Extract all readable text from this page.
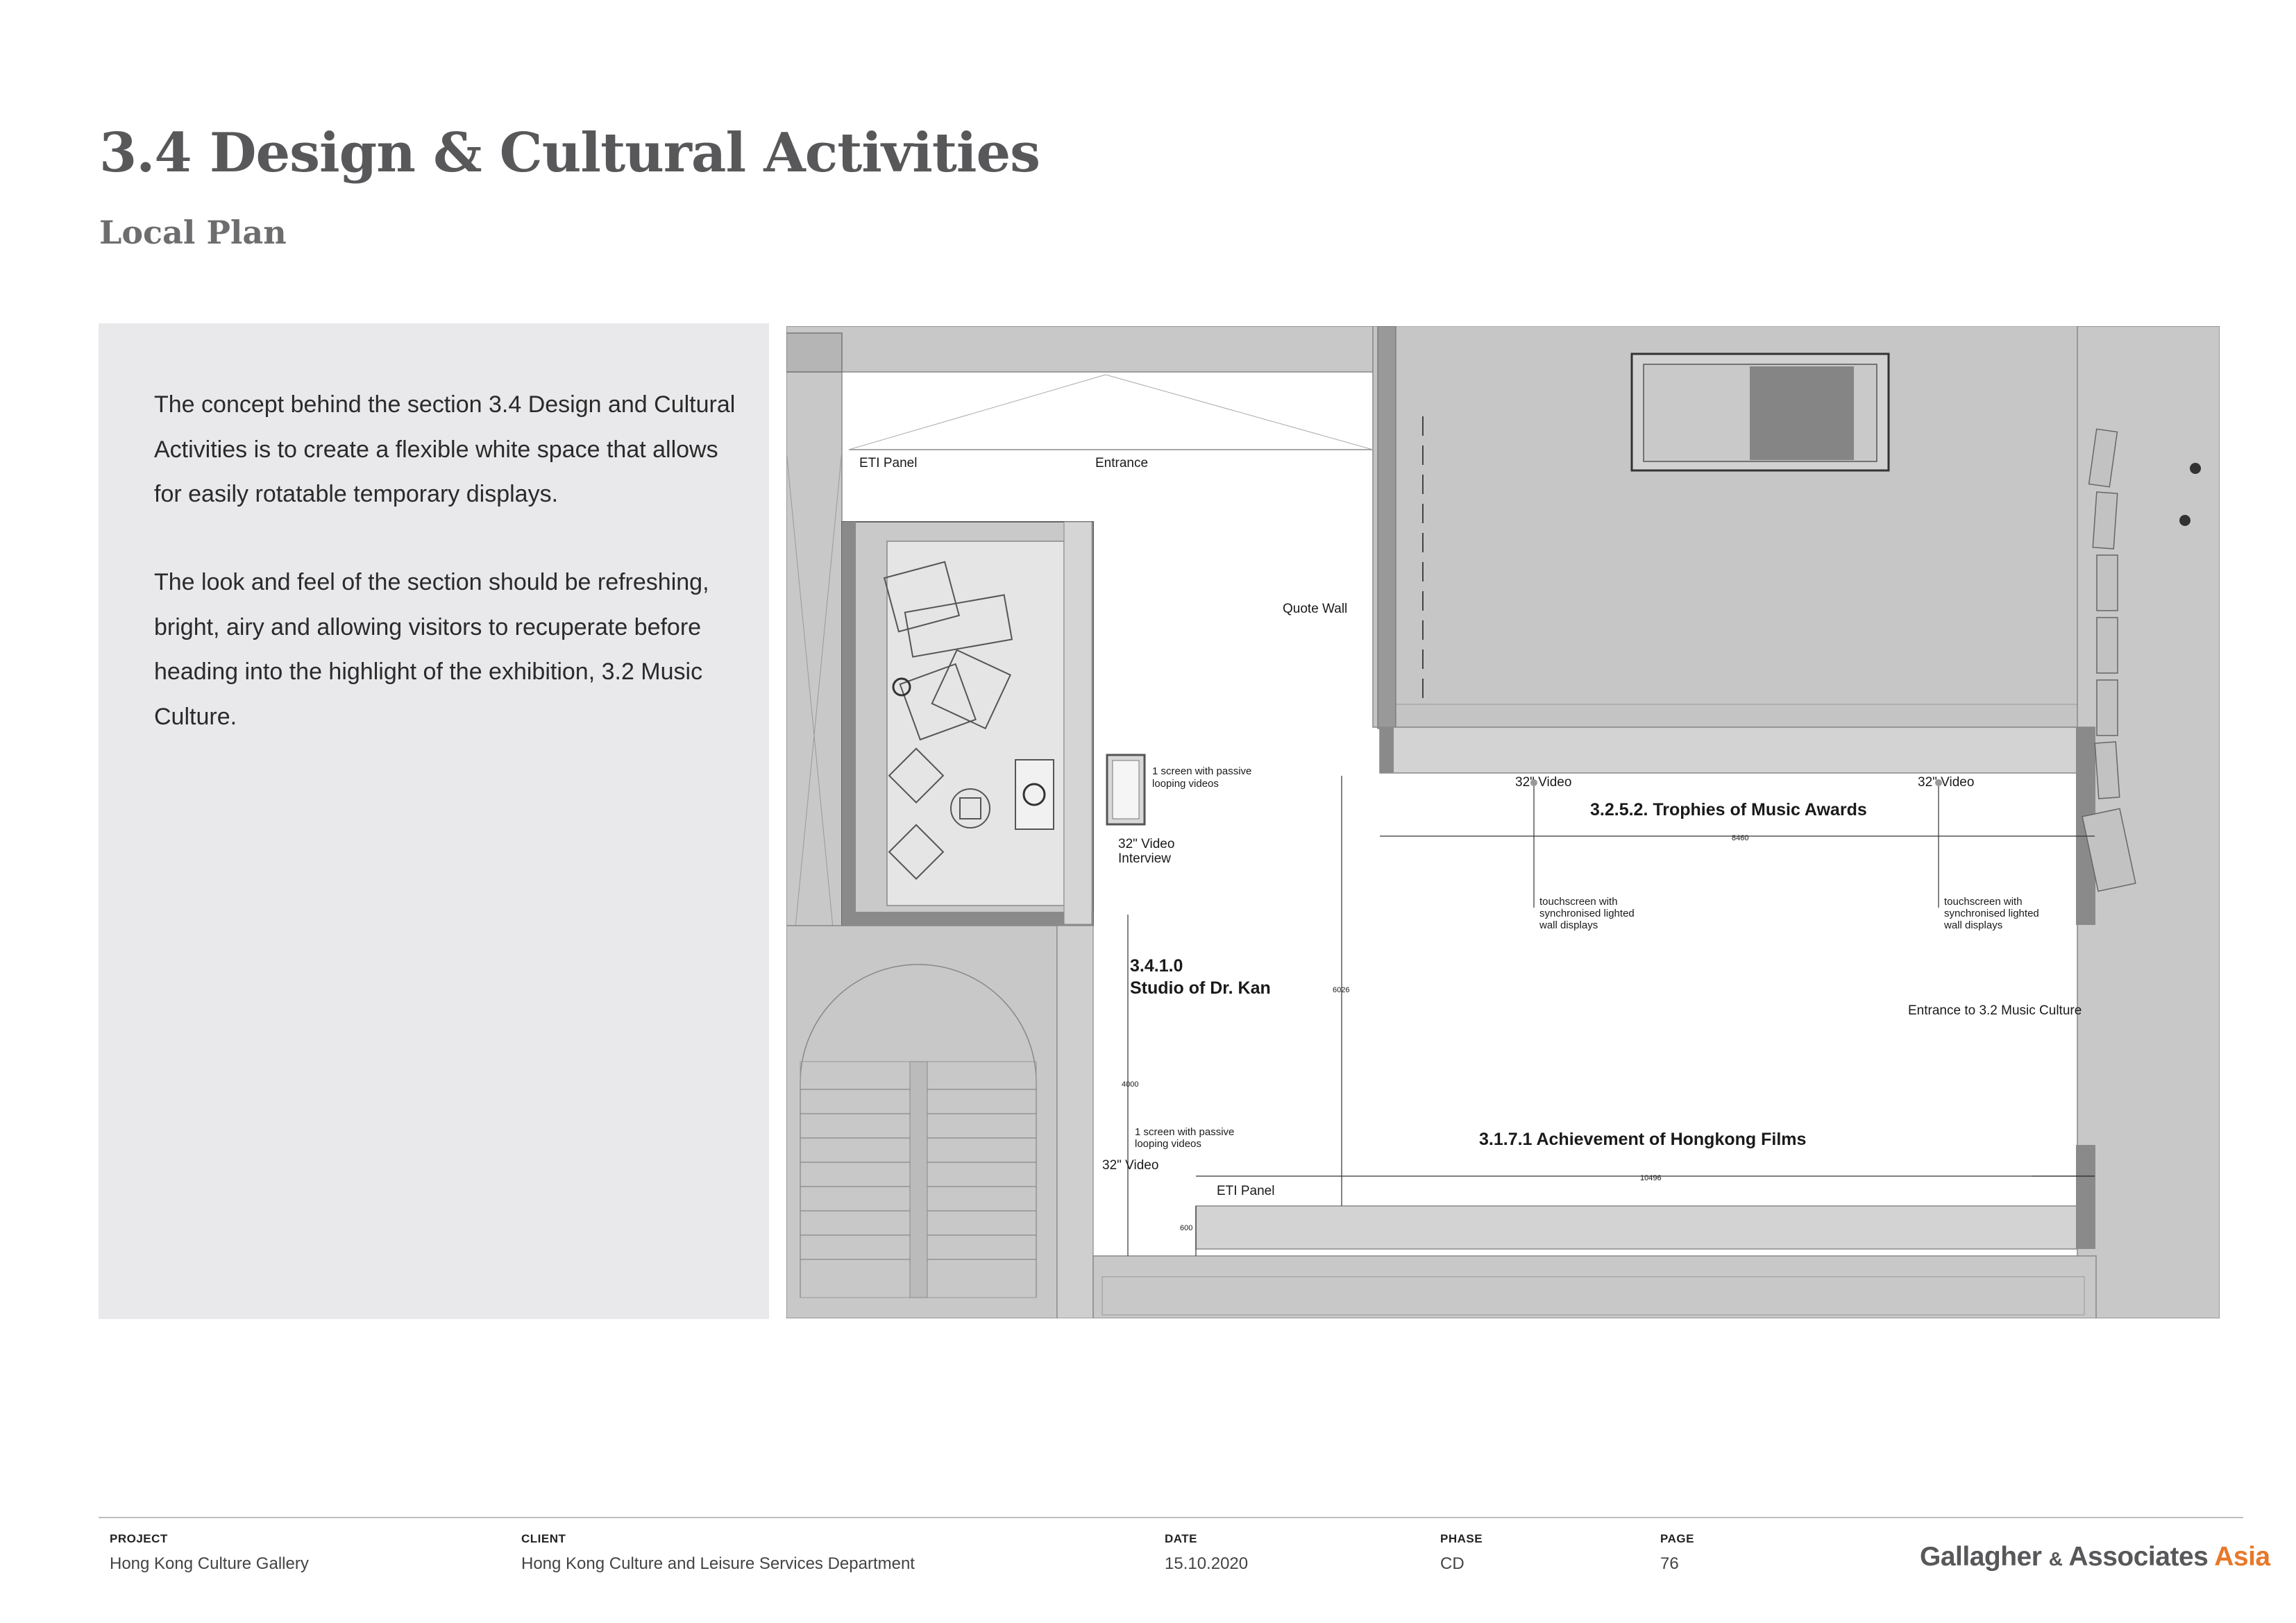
3.4 Design & Cultural Activities
Local Plan

The concept behind the section 3.4 Design and Cultural Activities is to create a flexible white space that allows for easily rotatable temporary displays.

The look and feel of the section should be refreshing, bright, airy and allowing visitors to recuperate before heading into the highlight of the exhibition, 3.2 Music Culture.

ETI Panel	Entrance
Quote Wall
1 screen with passive
looping videos
32" Video
Interview
3.4.1.0
Studio of Dr. Kan
32" Video	32" Video
3.2.5.2. Trophies of Music Awards
8460
touchscreen with
synchronised lighted
wall displays
touchscreen with
synchronised lighted
wall displays
Entrance to 3.2 Music Culture
6026
4000
1 screen with passive
looping videos
32" Video
3.1.7.1 Achievement of Hongkong Films
10496
ETI Panel
600
PROJECT
Hong Kong Culture Gallery
CLIENT
Hong Kong Culture and Leisure Services Department
DATE
15.10.2020
PHASE
CD
PAGE
76	Gallagher & Associates Asia
